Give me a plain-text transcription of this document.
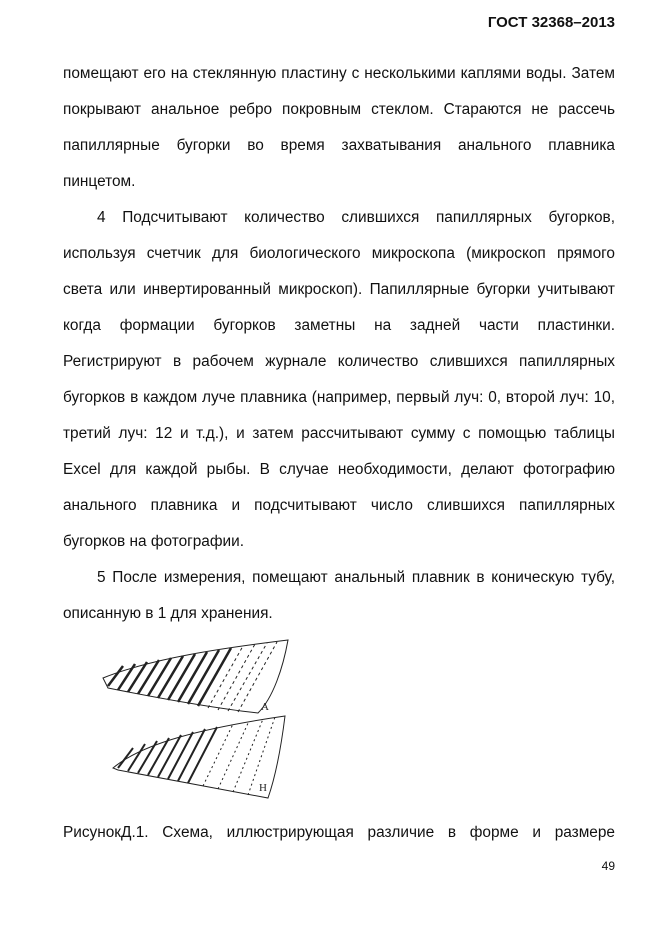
ГОСТ 32368–2013

помещают его на стеклянную пластину с несколькими каплями воды. Затем покрывают анальное ребро покровным стеклом. Стараются не рассечь папиллярные бугорки во время захватывания анального плавника пинцетом.

4 Подсчитывают количество слившихся папиллярных бугорков, используя счетчик для биологического микроскопа (микроскоп прямого света или инвертированный микроскоп). Папиллярные бугорки учитывают когда формации бугорков заметны на задней части пластинки. Регистрируют в рабочем журнале количество слившихся папиллярных бугорков в каждом луче плавника (например, первый луч: 0, второй луч: 10, третий луч: 12 и т.д.), и затем рассчитывают сумму с помощью таблицы Excel для каждой рыбы. В случае необходимости, делают фотографию анального плавника и подсчитывают число слившихся папиллярных бугорков на фотографии.

5 После измерения, помещают анальный плавник в коническую тубу, описанную в 1 для хранения.

А
Н
РисунокД.1. Схема, иллюстрирующая различие в форме и размере
49
